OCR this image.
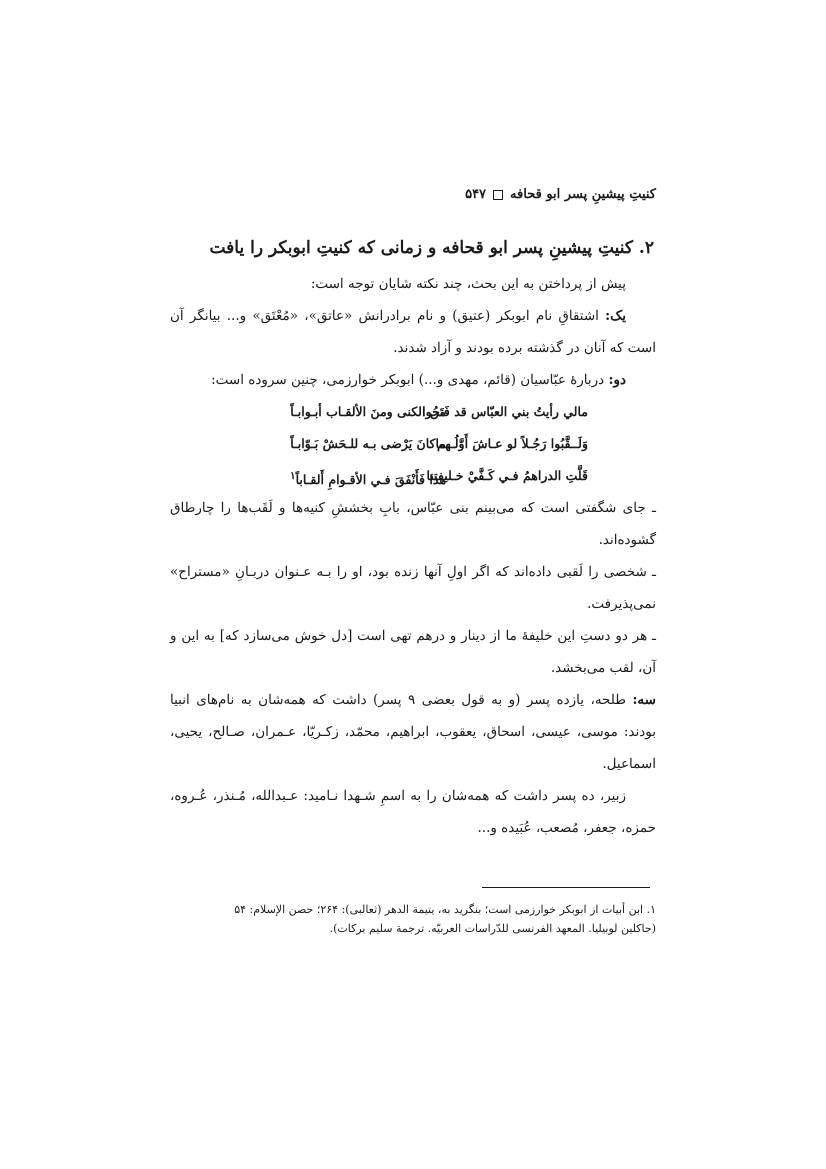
کنیتِ پیشینِ پسر ابو قحافه
۵۴۷
۲. کنیتِ پیشینِ پسر ابو قحافه و زمانی که کنیتِ ابوبکر را یافت

پیش از پرداختن به این بحث، چند نکته شایان توجه است:

یک: اشتقاقِ نام ابوبکر (عتیق) و نام برادرانش «عاتق»، «مُعْتَق» و... بیانگر آن است که آنان در گذشته برده بودند و آزاد شدند.

دو: دربارهٔ عبّاسیان (قائم، مهدی و...) ابوبکر خوارزمی، چنین سروده است:

مالي رأيتُ بني العبّاس قد فَتَحُوا
من الكنى ومنَ الألقـاب أبـوابـاً
وَلَــقَّبُوا رَجُـلاً لو عـاشَ أَوَّلُـهم
ماكانَ يَرْضى بـه للـحَشْ بَـوّابـاً
قَلَّتِ الدراهمُ فـي كَـفَّيْ خـليفتنا
هذا فَأَنْفَقَ فـي الأقـوامِ أَلقـاباً$^۱$

ـ جای شگفتی است که می‌بینم بنی عبّاس، بابِ بخششِ کنیه‌ها و لَقَب‌ها را چارطاق گشوده‌اند.

ـ شخصی را لَقبی داده‌اند که اگر اولِ آنها زنده بود، او را بـه عـنوان دربـانِ «مستراح» نمی‌پذیرفت.

ـ هر دو دستِ این خلیفهٔ ما از دینار و درهم تهی است [دل خوش می‌سازد که] به این و آن، لقب می‌بخشد.

سه: طلحه، یازده پسر (و به قول بعضی ۹ پسر) داشت که همه‌شان به نام‌های انبیا بودند: موسی، عیسی، اسحاق، یعقوب، ابراهیم، محمّد، زکـریّا، عـمران، صـالح، یحیی، اسماعیل.

زبیر، ده پسر داشت که همه‌شان را به اسمِ شـهدا نـامید: عـبدالله، مُـنذر، عُـروه، حمزه، جعفر، مُصعب، عُبَیده و...

۱. ابن أبيات از ابوبكر خوارزمی است؛ بنگريد به، يتيمة الدهر (ثعالبی): ۲۶۴؛ حصن الإسلام: ۵۴

(جاكلين لوبيليا. المعهد الفرنسی للدّراسات العربيّه. ترجمة سليم بركات).
